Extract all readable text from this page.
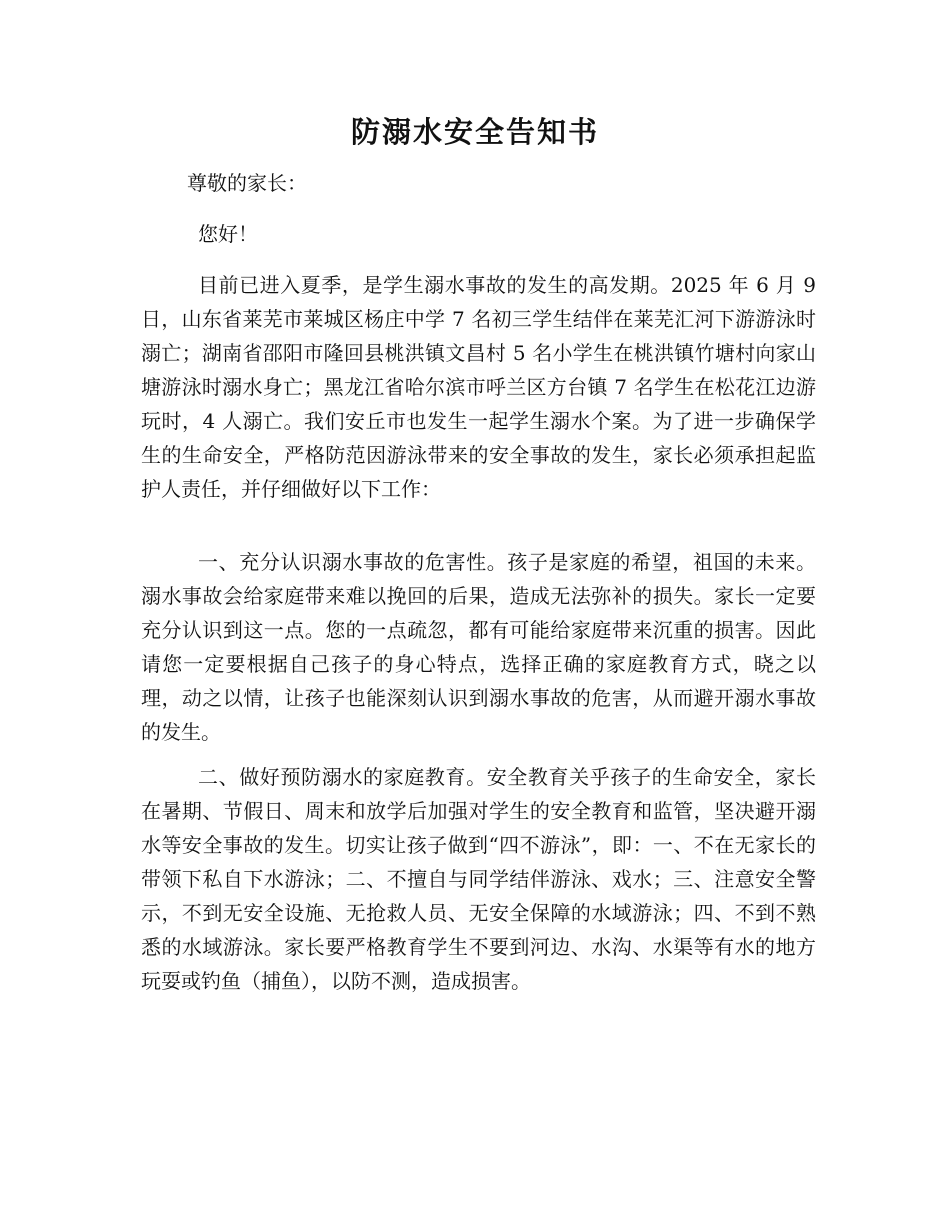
防溺水安全告知书

尊敬的家长：

您好！

目前已进入夏季，是学生溺水事故的发生的高发期。2025 年 6 月 9 日，山东省莱芜市莱城区杨庄中学 7 名初三学生结伴在莱芜汇河下游游泳时溺亡；湖南省邵阳市隆回县桃洪镇文昌村 5 名小学生在桃洪镇竹塘村向家山塘游泳时溺水身亡；黑龙江省哈尔滨市呼兰区方台镇 7 名学生在松花江边游玩时，4 人溺亡。我们安丘市也发生一起学生溺水个案。为了进一步确保学生的生命安全，严格防范因游泳带来的安全事故的发生，家长必须承担起监护人责任，并仔细做好以下工作：

一、充分认识溺水事故的危害性。孩子是家庭的希望，祖国的未来。溺水事故会给家庭带来难以挽回的后果，造成无法弥补的损失。家长一定要充分认识到这一点。您的一点疏忽，都有可能给家庭带来沉重的损害。因此请您一定要根据自己孩子的身心特点，选择正确的家庭教育方式，晓之以理，动之以情，让孩子也能深刻认识到溺水事故的危害，从而避开溺水事故的发生。

二、做好预防溺水的家庭教育。安全教育关乎孩子的生命安全，家长在暑期、节假日、周末和放学后加强对学生的安全教育和监管，坚决避开溺水等安全事故的发生。切实让孩子做到“四不游泳”，即：一、不在无家长的带领下私自下水游泳；二、不擅自与同学结伴游泳、戏水；三、注意安全警示，不到无安全设施、无抢救人员、无安全保障的水域游泳；四、不到不熟悉的水域游泳。家长要严格教育学生不要到河边、水沟、水渠等有水的地方玩耍或钓鱼（捕鱼），以防不测，造成损害。
